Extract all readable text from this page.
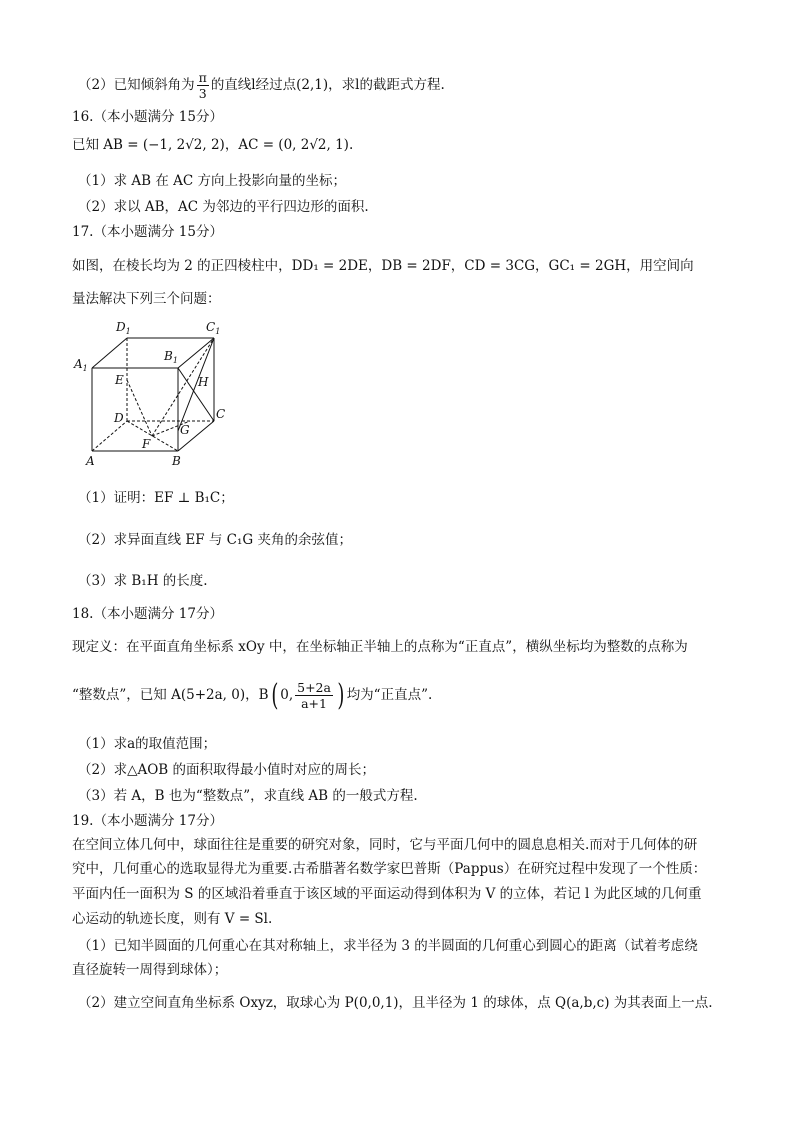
（2）已知倾斜角为 $\frac{\pi}{3}$ 的直线l经过点(2,1)，求l的截距式方程.
16.（本小题满分 15分）
已知 AB = (−1, 2√2, 2)，AC = (0, 2√2, 1).
（1）求 AB 在 AC 方向上投影向量的坐标；
（2）求以 AB，AC 为邻边的平行四边形的面积.
17.（本小题满分 15分）
如图，在棱长均为 2 的正四棱柱中，DD₁ = 2DE，DB = 2DF，CD = 3CG，GC₁ = 2GH，用空间向
量法解决下列三个问题：
$D_1$	$C_1$
$A_1$
$B_1$
E	H
D	C
G
F
A	B
（1）证明：EF ⊥ B₁C；
（2）求异面直线 EF 与 C₁G 夹角的余弦值；
（3）求 B₁H 的长度.
18.（本小题满分 17分）
现定义：在平面直角坐标系 xOy 中，在坐标轴正半轴上的点称为“正直点”，横纵坐标均为整数的点称为
“整数点”，已知 A(5+2a, 0)，B( 0, $\frac{5+2a}{a+1}$ ) 均为“正直点”.
（1）求a的取值范围；
（2）求△AOB 的面积取得最小值时对应的周长；
（3）若 A，B 也为“整数点”，求直线 AB 的一般式方程.
19.（本小题满分 17分）
在空间立体几何中，球面往往是重要的研究对象，同时，它与平面几何中的圆息息相关.而对于几何体的研
究中，几何重心的选取显得尤为重要.古希腊著名数学家巴普斯（Pappus）在研究过程中发现了一个性质：
平面内任一面积为 S 的区域沿着垂直于该区域的平面运动得到体积为 V 的立体，若记 l 为此区域的几何重
心运动的轨迹长度，则有 V = Sl.
（1）已知半圆面的几何重心在其对称轴上，求半径为 3 的半圆面的几何重心到圆心的距离（试着考虑绕
直径旋转一周得到球体）；
（2）建立空间直角坐标系 Oxyz，取球心为 P(0,0,1)，且半径为 1 的球体，点 Q(a,b,c) 为其表面上一点.
